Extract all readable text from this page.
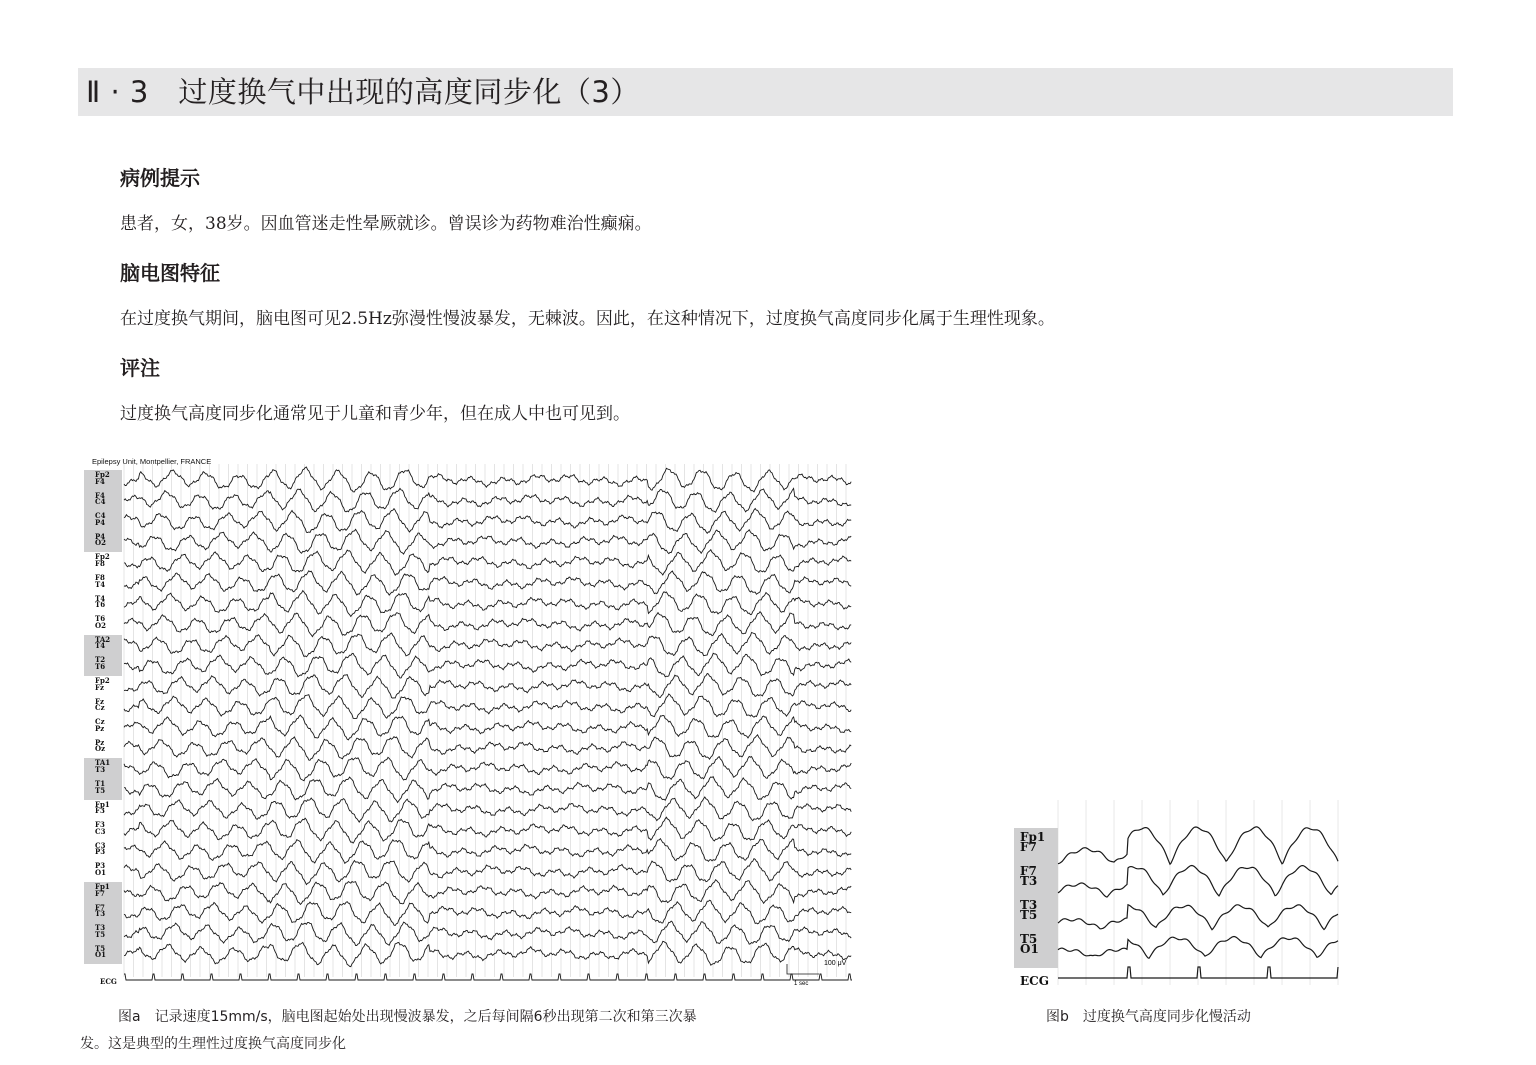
Ⅱ · 3　过度换气中出现的高度同步化（3）
病例提示
患者，女，38岁。因血管迷走性晕厥就诊。曾误诊为药物难治性癫痫。
脑电图特征
在过度换气期间，脑电图可见2.5Hz弥漫性慢波暴发，无棘波。因此，在这种情况下，过度换气高度同步化属于生理性现象。
评注
过度换气高度同步化通常见于儿童和青少年，但在成人中也可见到。
Epilepsy Unit, Montpellier, FRANCE
Fp2
F4
F4
C4
C4
P4
P4
O2
Fp2
F8
F8
T4
T4
T6
T6
O2
TA2
T4
T2
T6
Fp2
Fz
Fz
Cz
Cz
Pz
Pz
Oz
TA1
T3
T1
T5
Fp1
F3
F3
C3
C3
P3
P3
O1
Fp1
F7
F7
T3
T3
T5
T5
O1
ECG	1 sec
100 μV
图a　记录速度15mm/s，脑电图起始处出现慢波暴发，之后每间隔6秒出现第二次和第三次暴
发。这是典型的生理性过度换气高度同步化
Fp1
F7
F7
T3
T3
T5
T5
O1
ECG
图b　过度换气高度同步化慢活动
